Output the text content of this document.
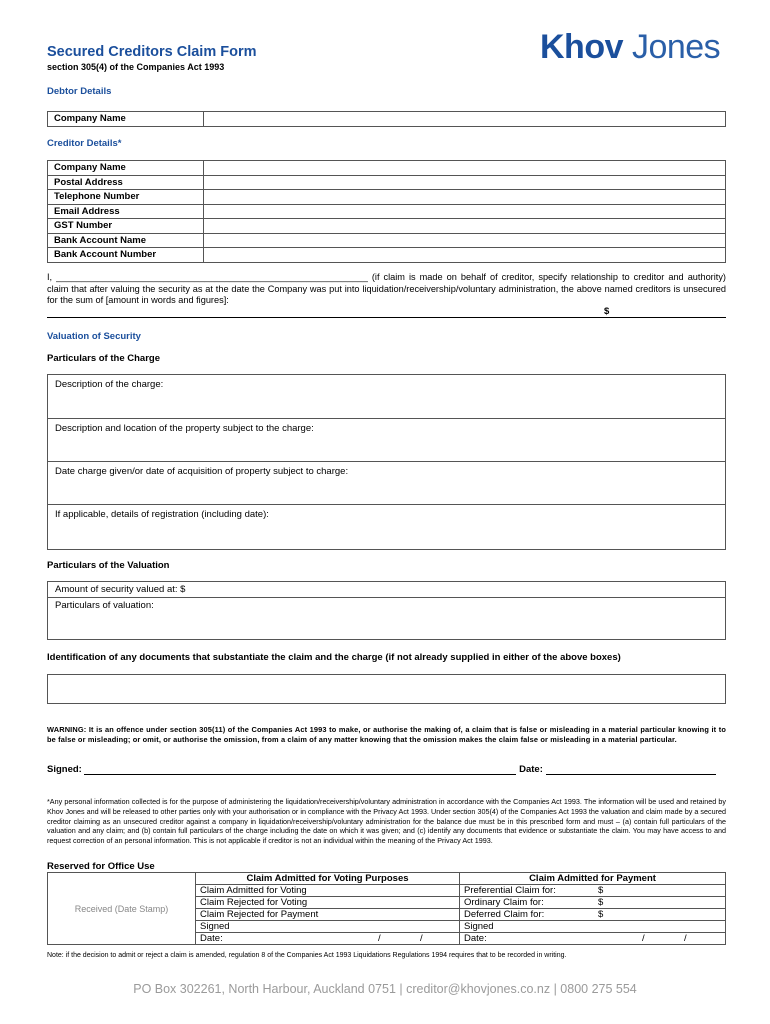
Secured Creditors Claim Form
section 305(4) of the Companies Act 1993
Khov Jones
Debtor Details
Company Name	
Creditor Details*
Company Name	
Postal Address	
Telephone Number	
Email Address	
GST Number	
Bank Account Name	
Bank Account Number	
I, _____________________________________________________________ (if claim is made on behalf of creditor, specify relationship to creditor and authority) claim that after valuing the security as at the date the Company was put into liquidation/receivership/voluntary administration, the above named creditors is unsecured for the sum of [amount in words and figures]:
$
Valuation of Security
Particulars of the Charge
Description of the charge:
Description and location of the property subject to the charge:
Date charge given/or date of acquisition of property subject to charge:
If applicable, details of registration (including date):
Particulars of the Valuation
Amount of security valued at: $
Particulars of valuation:
Identification of any documents that substantiate the claim and the charge (if not already supplied in either of the above boxes)
WARNING: It is an offence under section 305(11) of the Companies Act 1993 to make, or authorise the making of, a claim that is false or misleading in a material particular knowing it to be false or misleading; or omit, or authorise the omission, from a claim of any matter knowing that the omission makes the claim false or misleading in a material particular.
Signed:	Date:
*Any personal information collected is for the purpose of administering the liquidation/receivership/voluntary administration in accordance with the Companies Act 1993. The information will be used and retained by Khov Jones and will be released to other parties only with your authorisation or in compliance with the Privacy Act 1993. Under section 305(4) of the Companies Act 1993 the valuation and claim made by a secured creditor claiming as an unsecured creditor against a company in liquidation/receivership/voluntary administration for the balance due must be in this prescribed form and must – (a) contain full particulars of the valuation and any claim; and (b) contain full particulars of the charge including the date on which it was given; and (c) identify any documents that evidence or substantiate the claim. You may have access to and request correction of an personal information. This is not applicable if creditor is not an individual within the meaning of the Privacy Act 1993.
Reserved for Office Use
Received (Date Stamp)	Claim Admitted for Voting Purposes	Claim Admitted for Payment
	Claim Admitted for Voting	Preferential Claim for: $
	Claim Rejected for Voting	Ordinary Claim for: $
	Claim Rejected for Payment	Deferred Claim for: $
	Signed	Signed
	Date: / /	Date: / /
Note: if the decision to admit or reject a claim is amended, regulation 8 of the Companies Act 1993 Liquidations Regulations 1994 requires that to be recorded in writing.
PO Box 302261, North Harbour, Auckland 0751 | creditor@khovjones.co.nz | 0800 275 554
